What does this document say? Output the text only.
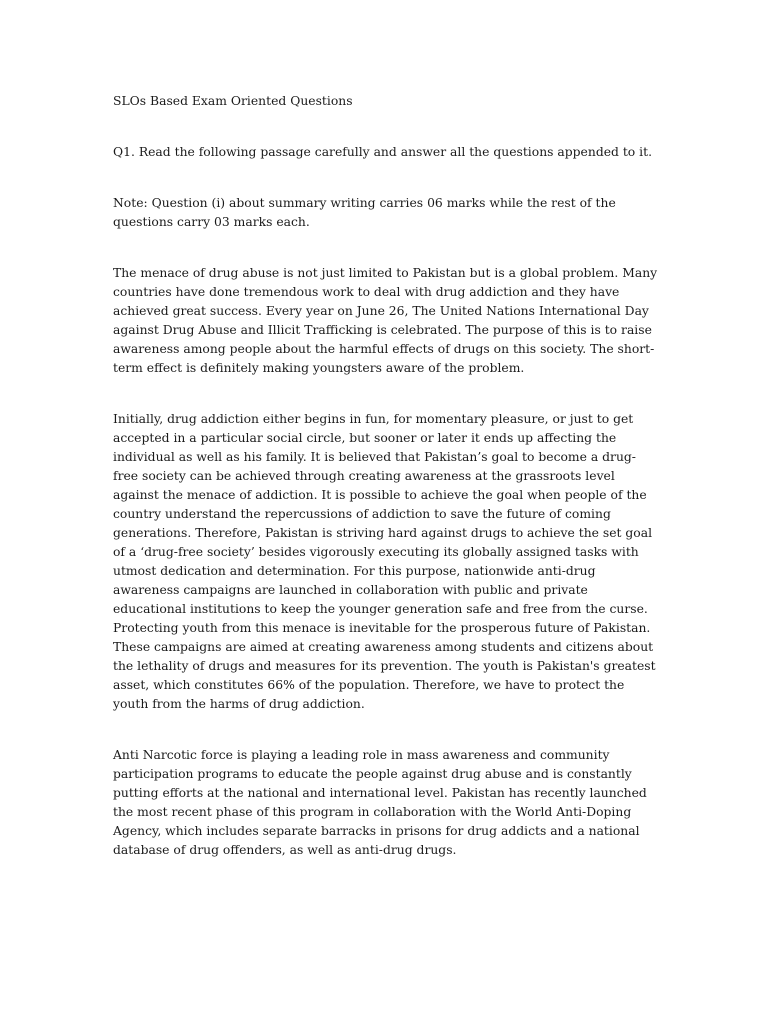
SLOs Based Exam Oriented Questions

Q1. Read the following passage carefully and answer all the questions appended to it.

Note: Question (i) about summary writing carries 06 marks while the rest of the questions carry 03 marks each.

The menace of drug abuse is not just limited to Pakistan but is a global problem. Many countries have done tremendous work to deal with drug addiction and they have achieved great success. Every year on June 26, The United Nations International Day against Drug Abuse and Illicit Trafficking is celebrated. The purpose of this is to raise awareness among people about the harmful effects of drugs on this society. The short-term effect is definitely making youngsters aware of the problem.

Initially, drug addiction either begins in fun, for momentary pleasure, or just to get accepted in a particular social circle, but sooner or later it ends up affecting the individual as well as his family. It is believed that Pakistan’s goal to become a drug-free society can be achieved through creating awareness at the grassroots level against the menace of addiction. It is possible to achieve the goal when people of the country understand the repercussions of addiction to save the future of coming generations. Therefore, Pakistan is striving hard against drugs to achieve the set goal of a ‘drug-free society’ besides vigorously executing its globally assigned tasks with utmost dedication and determination. For this purpose, nationwide anti-drug awareness campaigns are launched in collaboration with public and private educational institutions to keep the younger generation safe and free from the curse. Protecting youth from this menace is inevitable for the prosperous future of Pakistan. These campaigns are aimed at creating awareness among students and citizens about the lethality of drugs and measures for its prevention. The youth is Pakistan's greatest asset, which constitutes 66% of the population. Therefore, we have to protect the youth from the harms of drug addiction.

Anti Narcotic force is playing a leading role in mass awareness and community participation programs to educate the people against drug abuse and is constantly putting efforts at the national and international level. Pakistan has recently launched the most recent phase of this program in collaboration with the World Anti-Doping Agency, which includes separate barracks in prisons for drug addicts and a national database of drug offenders, as well as anti-drug drugs.
